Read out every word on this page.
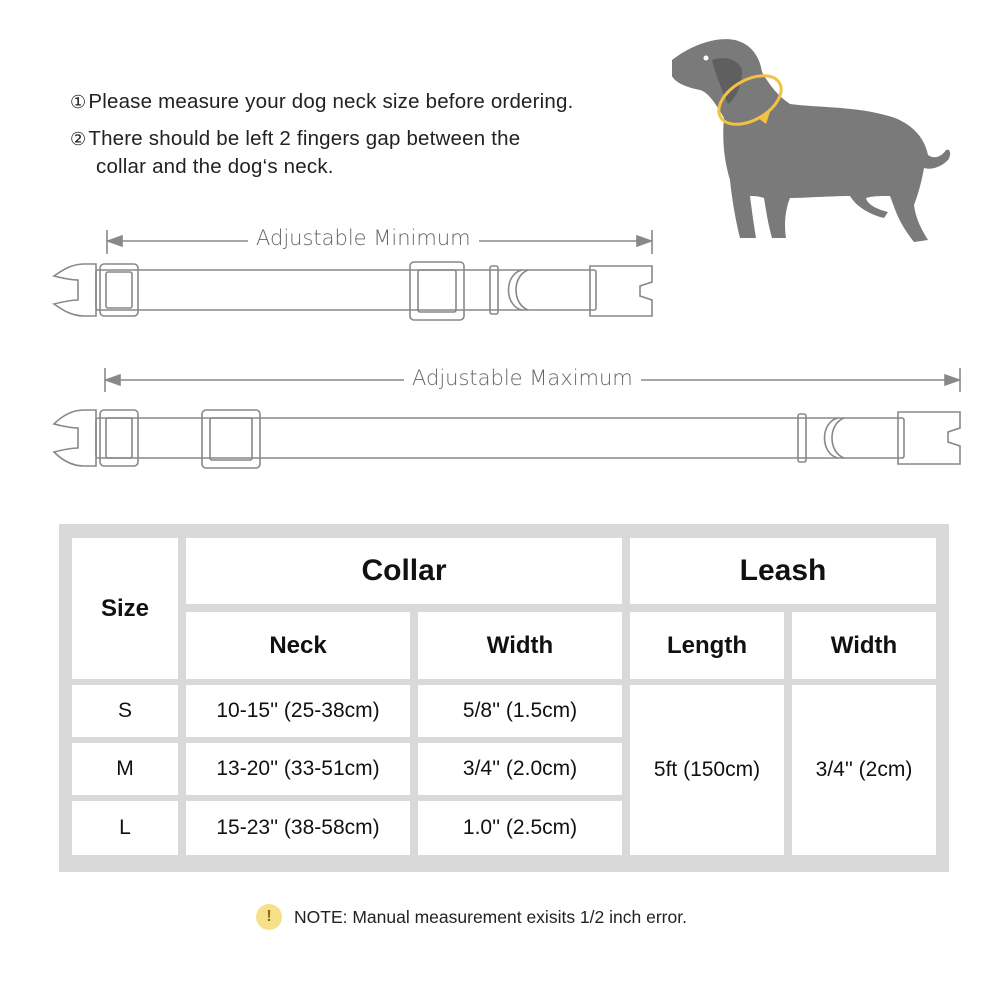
①Please measure your dog neck size before ordering.
②There should be left 2 fingers gap between the
collar and the dog‘s neck.
Adjustable Minimum
Adjustable Maximum
Size
Collar	Leash
Neck	Width	Length	Width
S	10-15'' (25-38cm)	5/8'' (1.5cm)
M	13-20'' (33-51cm)	3/4'' (2.0cm)
L	15-23'' (38-58cm)	1.0'' (2.5cm)
5ft (150cm)	3/4'' (2cm)
!	NOTE: Manual measurement exisits 1/2 inch error.
